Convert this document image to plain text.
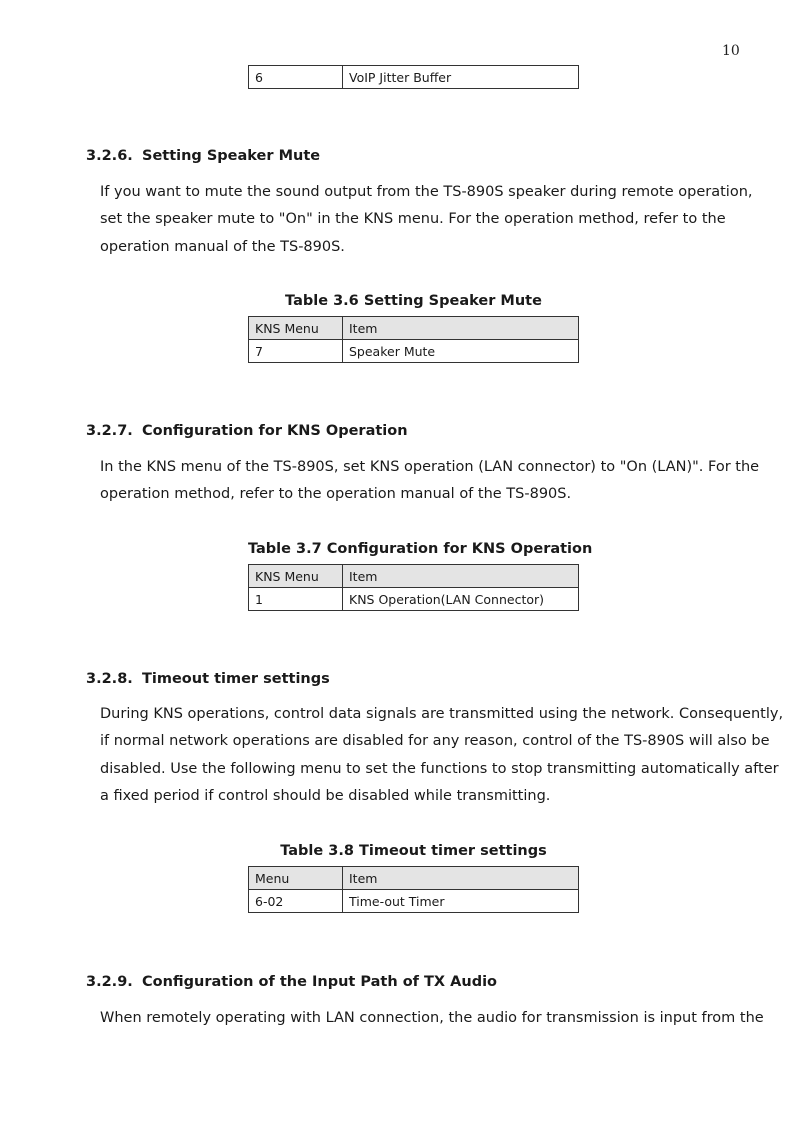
10
6	VoIP Jitter Buffer
3.2.6. Setting Speaker Mute
If you want to mute the sound output from the TS-890S speaker during remote operation,
set the speaker mute to "On" in the KNS menu. For the operation method, refer to the
operation manual of the TS-890S.
Table 3.6 Setting Speaker Mute
KNS Menu	Item
7	Speaker Mute
3.2.7. Configuration for KNS Operation
In the KNS menu of the TS-890S, set KNS operation (LAN connector) to "On (LAN)". For the
operation method, refer to the operation manual of the TS-890S.
Table 3.7 Configuration for KNS Operation
KNS Menu	Item
1	KNS Operation(LAN Connector)
3.2.8. Timeout timer settings
During KNS operations, control data signals are transmitted using the network. Consequently,
if normal network operations are disabled for any reason, control of the TS-890S will also be
disabled. Use the following menu to set the functions to stop transmitting automatically after
a fixed period if control should be disabled while transmitting.
Table 3.8 Timeout timer settings
Menu	Item
6-02	Time-out Timer
3.2.9. Configuration of the Input Path of TX Audio
When remotely operating with LAN connection, the audio for transmission is input from the
